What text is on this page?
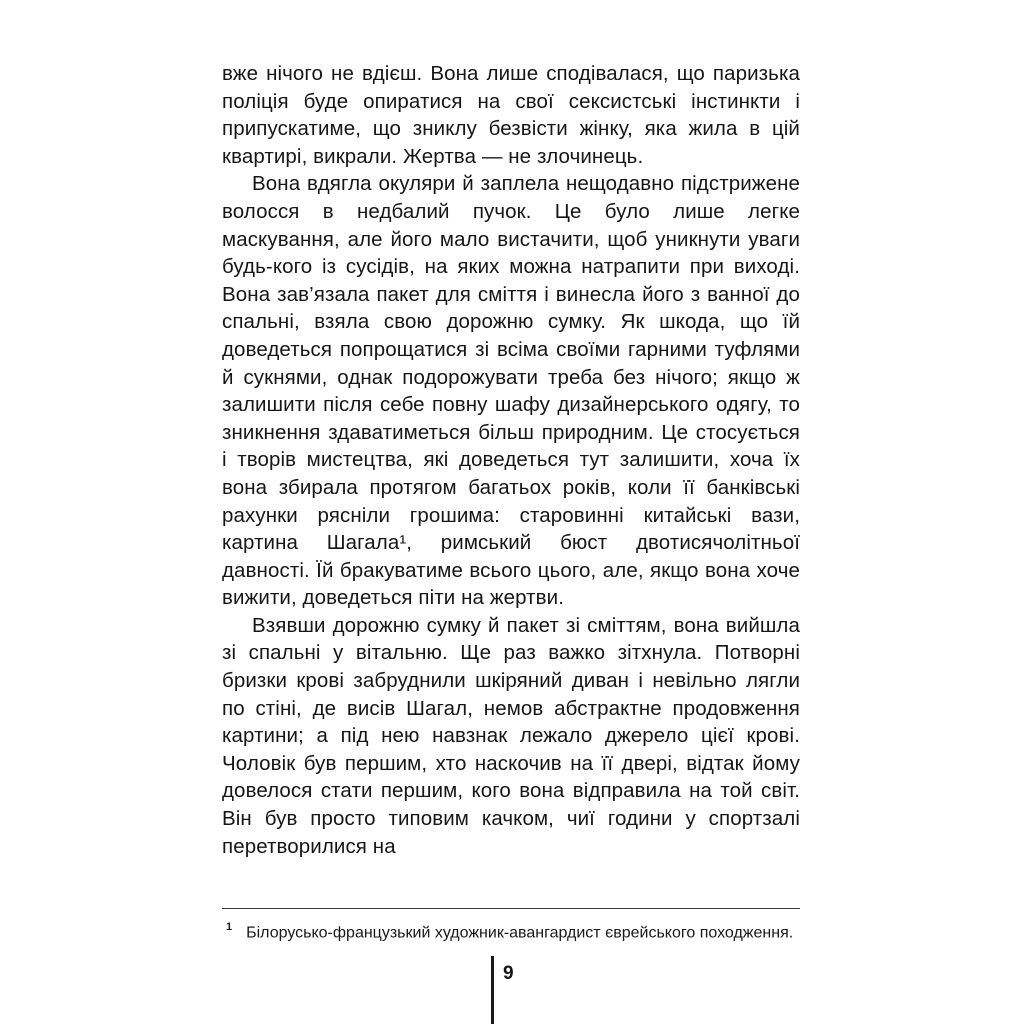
вже нічого не вдієш. Вона лише сподівалася, що паризька поліція буде опиратися на свої сексистські інстинкти і припускатиме, що зниклу безвісти жінку, яка жила в цій квартирі, викрали. Жертва — не злочинець.

Вона вдягла окуляри й заплела нещодавно підстрижене волосся в недбалий пучок. Це було лише легке маскування, але його мало вистачити, щоб уникнути уваги будь-кого із сусідів, на яких можна натрапити при виході. Вона зав’язала пакет для сміття і винесла його з ванної до спальні, взяла свою дорожню сумку. Як шкода, що їй доведеться попрощатися зі всіма своїми гарними туфлями й сукнями, однак подорожувати треба без нічого; якщо ж залишити після себе повну шафу дизайнерського одягу, то зникнення здаватиметься більш природним. Це стосується і творів мистецтва, які доведеться тут залишити, хоча їх вона збирала протягом багатьох років, коли її банківські рахунки рясніли грошима: старовинні китайські вази, картина Шагала¹, римський бюст двотисячолітньої давності. Їй бракуватиме всього цього, але, якщо вона хоче вижити, доведеться піти на жертви.

Взявши дорожню сумку й пакет зі сміттям, вона вийшла зі спальні у вітальню. Ще раз важко зітхнула. Потворні бризки крові забруднили шкіряний диван і невільно лягли по стіні, де висів Шагал, немов абстрактне продовження картини; а під нею навзнак лежало джерело цієї крові. Чоловік був першим, хто наскочив на її двері, відтак йому довелося стати першим, кого вона відправила на той світ. Він був просто типовим качком, чиї години у спортзалі перетворилися на

$^1$ Білорусько-французький художник-авангардист єврейського походження.

9
